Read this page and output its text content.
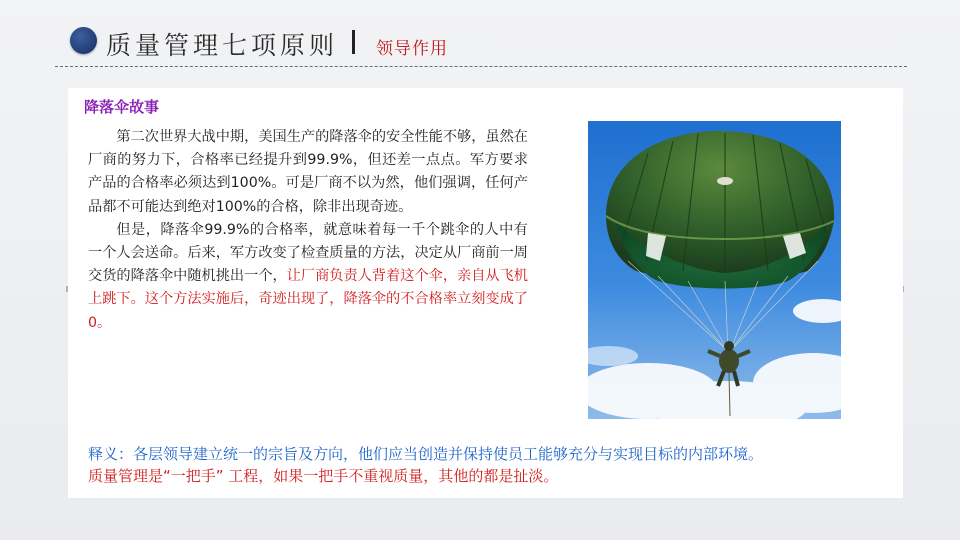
质量管理七项原则 领导作用
降落伞故事

第二次世界大战中期，美国生产的降落伞的安全性能不够，虽然在厂商的努力下，合格率已经提升到99.9%，但还差一点点。军方要求产品的合格率必须达到100%。可是厂商不以为然，他们强调，任何产品都不可能达到绝对100%的合格，除非出现奇迹。

但是，降落伞99.9%的合格率，就意味着每一千个跳伞的人中有一个人会送命。后来，军方改变了检查质量的方法，决定从厂商前一周交货的降落伞中随机挑出一个，让厂商负责人背着这个伞，亲自从飞机上跳下。这个方法实施后，奇迹出现了，降落伞的不合格率立刻变成了0。

释义：各层领导建立统一的宗旨及方向，他们应当创造并保持使员工能够充分与实现目标的内部环境。
质量管理是“一把手” 工程，如果一把手不重视质量，其他的都是扯淡。
